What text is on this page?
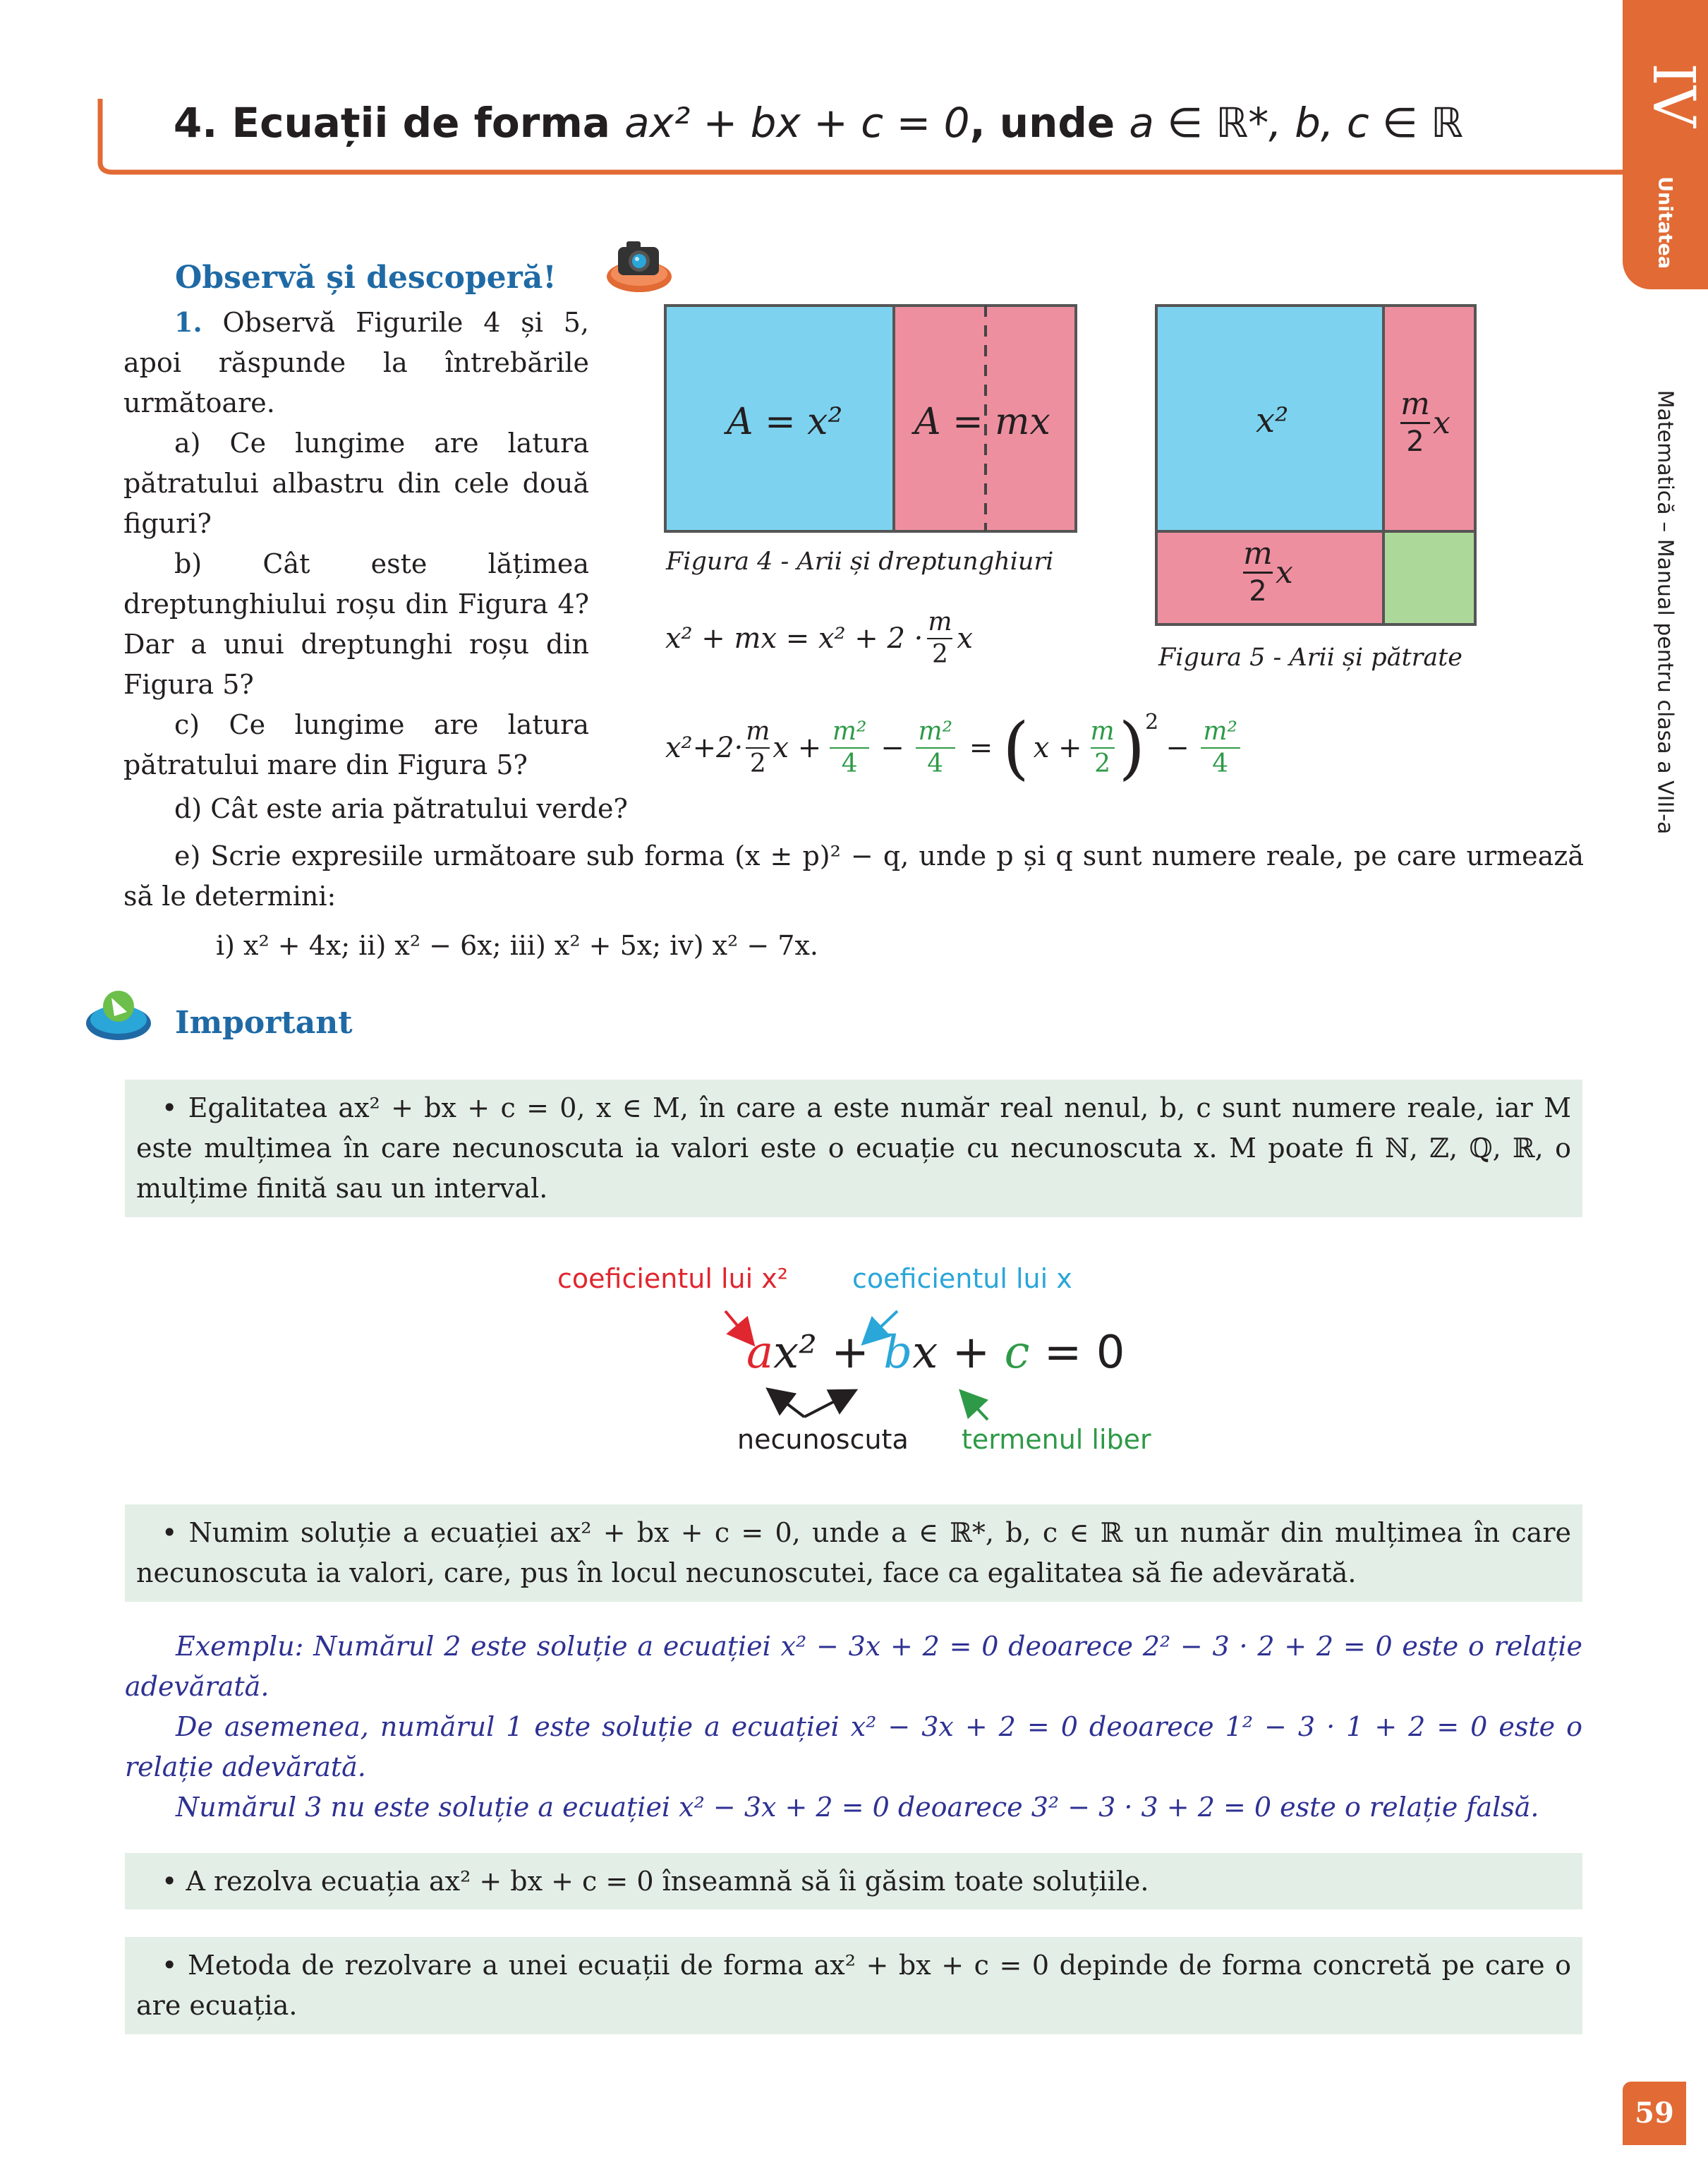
4. Ecuații de forma ax² + bx + c = 0, unde a ∈ ℝ*, b, c ∈ ℝ	IV
Unitatea
Matematică – Manual pentru clasa a VIII-a
Observă și descoperă!
1. Observă Figurile 4 și 5, apoi răspunde la întrebările următoare.
a) Ce lungime are latura pătratului albastru din cele două figuri?
b) Cât este lățimea dreptunghiului roșu din Figura 4? Dar a unui dreptunghi roșu din Figura 5?
c) Ce lungime are latura pătratului mare din Figura 5?
d) Cât este aria pătratului verde?
e) Scrie expresiile următoare sub forma (x ± p)² − q, unde p și q sunt numere reale, pe care urmează să le determini:
i) x² + 4x; ii) x² − 6x; iii) x² + 5x; iv) x² − 7x.
A = x² A = mx
Figura 4 - Arii și dreptunghiuri
x² + mx = x² + 2 ·
m
2 x
x²	m
2
x
m
2
x
Figura 5 - Arii și pătrate
x²+2·
m
2 x +
m²
4 −
m²
4 = ( x +
m
2 ) 2
−
m²
4
Important
• Egalitatea ax² + bx + c = 0, x ∈ M, în care a este număr real nenul, b, c sunt numere reale, iar M este mulțimea în care necunoscuta ia valori este o ecuație cu necunoscuta x. M poate fi ℕ, ℤ, ℚ, ℝ, o mulțime finită sau un interval.
coeficientul lui x² coeficientul lui x
ax² + bx + c = 0
necunoscuta termenul liber
• Numim soluție a ecuației ax² + bx + c = 0, unde a ∈ ℝ*, b, c ∈ ℝ un număr din mulțimea în care necunoscuta ia valori, care, pus în locul necunoscutei, face ca egalitatea să fie adevărată.
Exemplu: Numărul 2 este soluție a ecuației x² − 3x + 2 = 0 deoarece 2² − 3 · 2 + 2 = 0 este o relație adevărată.
De asemenea, numărul 1 este soluție a ecuației x² − 3x + 2 = 0 deoarece 1² − 3 · 1 + 2 = 0 este o relație adevărată.
Numărul 3 nu este soluție a ecuației x² − 3x + 2 = 0 deoarece 3² − 3 · 3 + 2 = 0 este o relație falsă.
• A rezolva ecuația ax² + bx + c = 0 înseamnă să îi găsim toate soluțiile.
• Metoda de rezolvare a unei ecuații de forma ax² + bx + c = 0 depinde de forma concretă pe care o are ecuația.
59
